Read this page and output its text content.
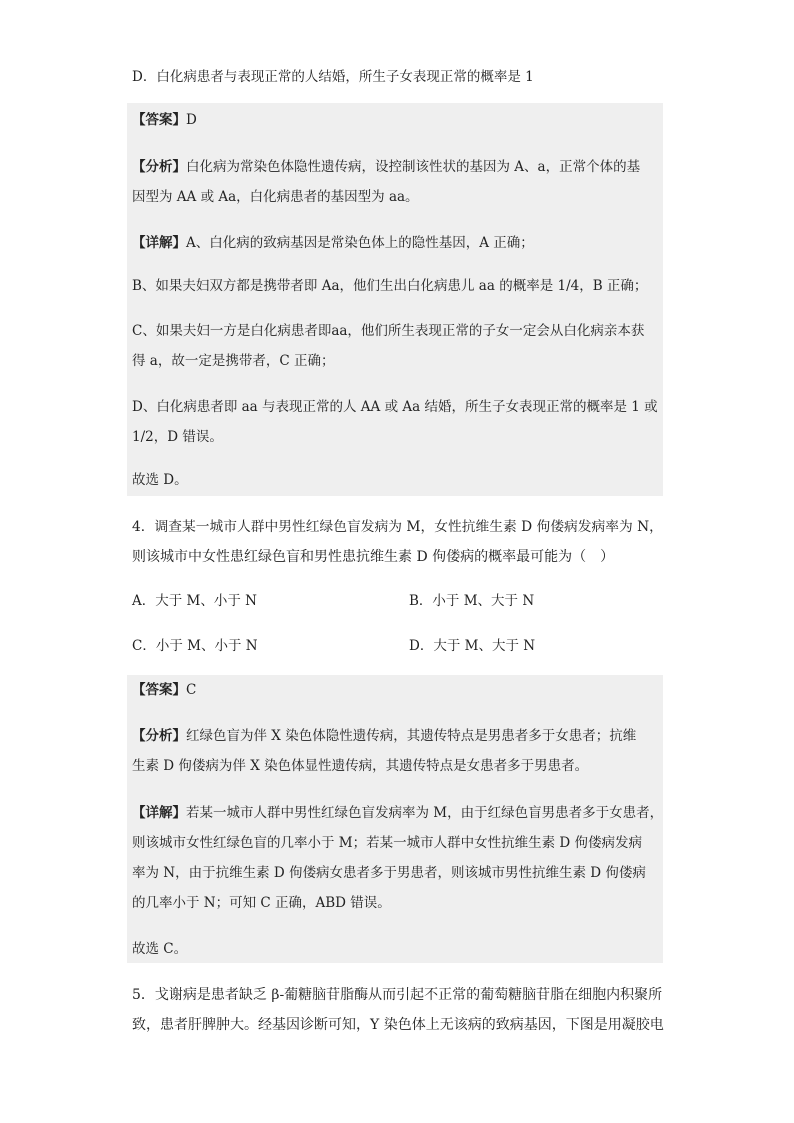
D．白化病患者与表现正常的人结婚，所生子女表现正常的概率是 1
【答案】D
【分析】白化病为常染色体隐性遗传病，设控制该性状的基因为 A、a，正常个体的基
因型为 AA 或 Aa，白化病患者的基因型为 aa。
【详解】A、白化病的致病基因是常染色体上的隐性基因，A 正确；
B、如果夫妇双方都是携带者即 Aa，他们生出白化病患儿 aa 的概率是 1/4，B 正确；
C、如果夫妇一方是白化病患者即aa，他们所生表现正常的子女一定会从白化病亲本获
得 a，故一定是携带者，C 正确；
D、白化病患者即 aa 与表现正常的人 AA 或 Aa 结婚，所生子女表现正常的概率是 1 或
1/2，D 错误。
故选 D。
4．调查某一城市人群中男性红绿色盲发病为 M，女性抗维生素 D 佝偻病发病率为 N，
则该城市中女性患红绿色盲和男性患抗维生素 D 佝偻病的概率最可能为（　）
A．大于 M、小于 N	B．小于 M、大于 N
C．小于 M、小于 N	D．大于 M、大于 N
【答案】C
【分析】红绿色盲为伴 X 染色体隐性遗传病，其遗传特点是男患者多于女患者；抗维
生素 D 佝偻病为伴 X 染色体显性遗传病，其遗传特点是女患者多于男患者。
【详解】若某一城市人群中男性红绿色盲发病率为 M，由于红绿色盲男患者多于女患者，
则该城市女性红绿色盲的几率小于 M；若某一城市人群中女性抗维生素 D 佝偻病发病
率为 N，由于抗维生素 D 佝偻病女患者多于男患者，则该城市男性抗维生素 D 佝偻病
的几率小于 N；可知 C 正确，ABD 错误。
故选 C。
5．戈谢病是患者缺乏 β-葡糖脑苷脂酶从而引起不正常的葡萄糖脑苷脂在细胞内积聚所
致，患者肝脾肿大。经基因诊断可知，Y 染色体上无该病的致病基因，下图是用凝胶电
